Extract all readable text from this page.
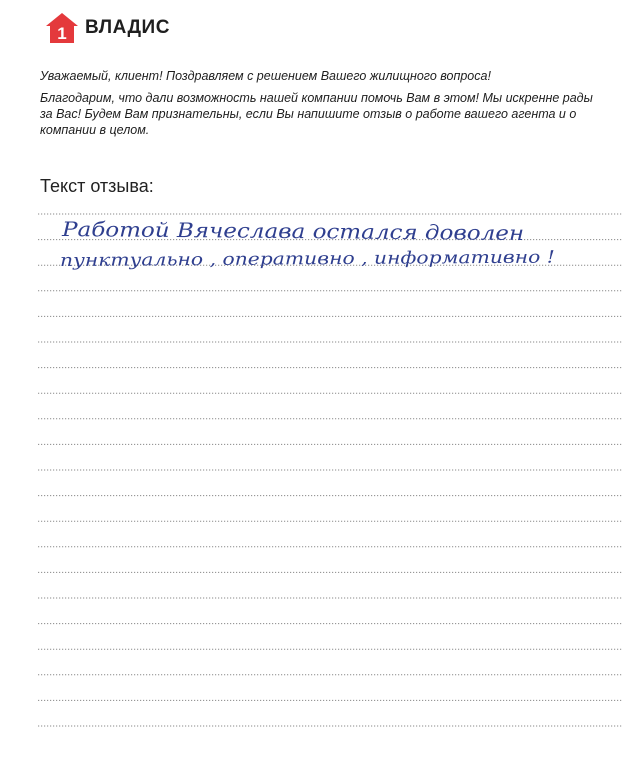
1 ВЛАДИС

Уважаемый, клиент! Поздравляем с решением Вашего жилищного вопроса!

Благодарим, что дали возможность нашей компании помочь Вам в этом! Мы искренне рады за Вас! Будем Вам признательны, если Вы напишите отзыв о работе вашего агента и о компании в целом.

Текст отзыва:
Работой Вячеслава остался доволен
пунктуально , оперативно , информативно !
